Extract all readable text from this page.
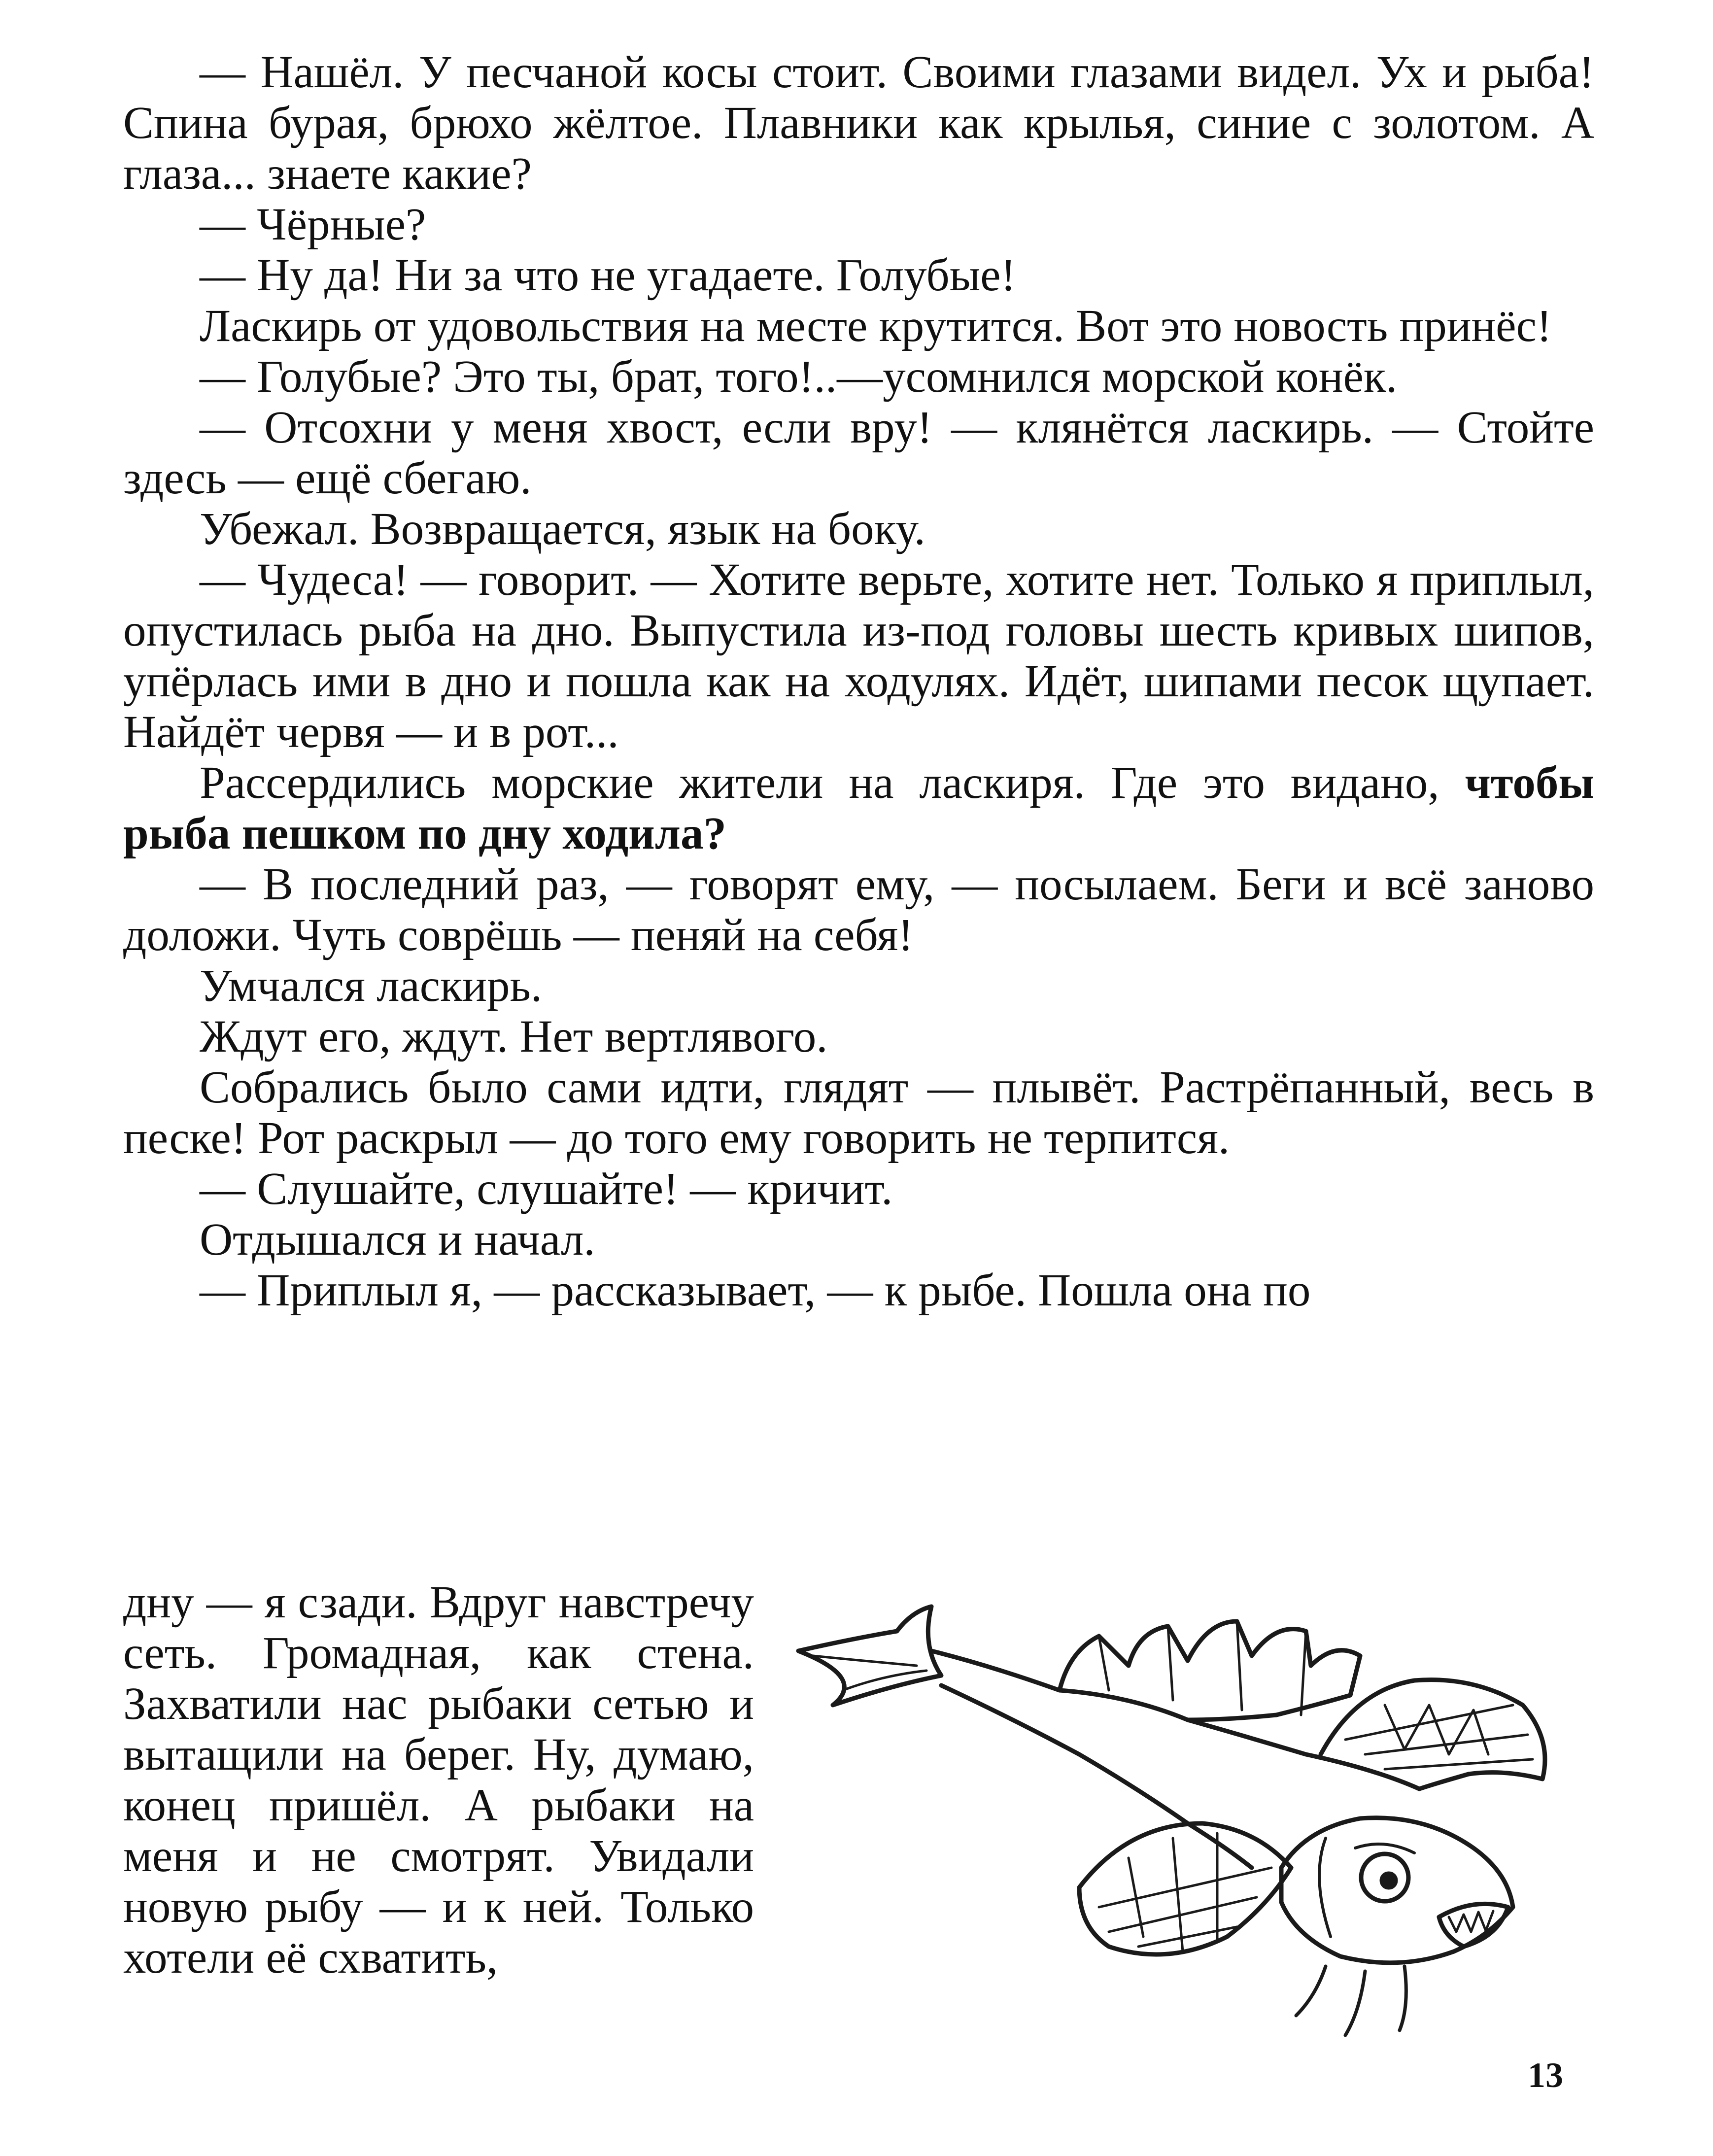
— Нашёл. У песчаной косы стоит. Своими глазами видел. Ух и рыба! Спина бурая, брюхо жёлтое. Плавники как крылья, синие с золотом. А глаза... знаете какие?

— Чёрные?

— Ну да! Ни за что не угадаете. Голубые!

Ласкирь от удовольствия на месте крутится. Вот это новость принёс!

— Голубые? Это ты, брат, того!..—усомнился морской конёк.

— Отсохни у меня хвост, если вру! — клянётся ласкирь. — Стойте здесь — ещё сбегаю.

Убежал. Возвращается, язык на боку.

— Чудеса! — говорит. — Хотите верьте, хотите нет. Только я приплыл, опустилась рыба на дно. Выпустила из-под головы шесть кривых шипов, упёрлась ими в дно и пошла как на ходулях. Идёт, шипами песок щупает. Найдёт червя — и в рот...

Рассердились морские жители на ласкиря. Где это видано, чтобы рыба пешком по дну ходила?

— В последний раз, — говорят ему, — посылаем. Беги и всё заново доложи. Чуть соврёшь — пеняй на себя!

Умчался ласкирь.

Ждут его, ждут. Нет вертлявого.

Собрались было сами идти, глядят — плывёт. Растрёпанный, весь в песке! Рот раскрыл — до того ему говорить не терпится.

— Слушайте, слушайте! — кричит.

Отдышался и начал.

— Приплыл я, — рассказывает, — к рыбе. Пошла она по

дну — я сзади. Вдруг навстречу сеть. Громадная, как стена. Захватили нас рыбаки сетью и вытащили на берег. Ну, думаю, конец пришёл. А рыбаки на меня и не смотрят. Увидали новую рыбу — и к ней. Только хотели её схватить,

13
